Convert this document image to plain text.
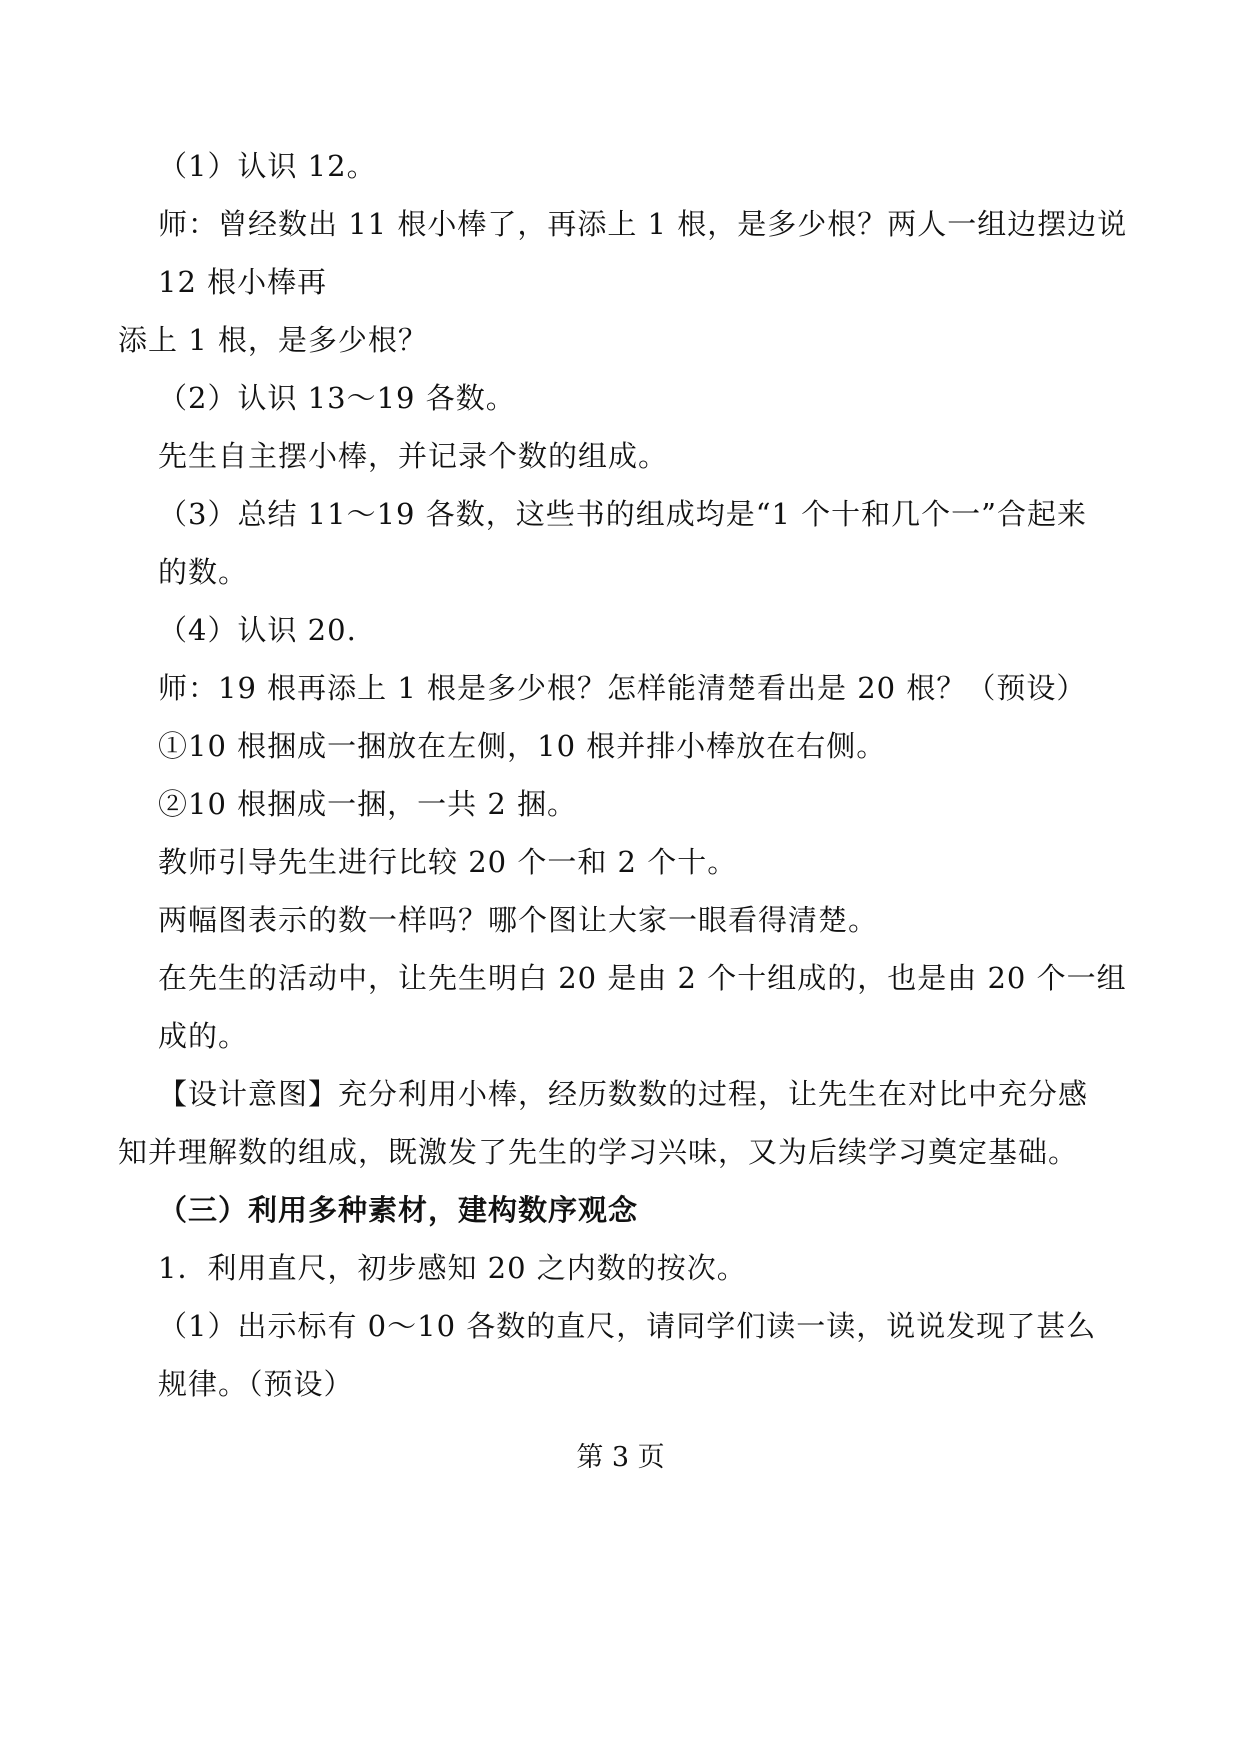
（1）认识 12。
师：曾经数出 11 根小棒了，再添上 1 根，是多少根？两人一组边摆边说
12 根小棒再
添上 1 根，是多少根？
（2）认识 13～19 各数。
先生自主摆小棒，并记录个数的组成。
（3）总结 11～19 各数，这些书的组成均是“1 个十和几个一”合起来
的数。
（4）认识 20.
师：19 根再添上 1 根是多少根？怎样能清楚看出是 20 根？（预设）
①10 根捆成一捆放在左侧，10 根并排小棒放在右侧。
②10 根捆成一捆，一共 2 捆。
教师引导先生进行比较 20 个一和 2 个十。
两幅图表示的数一样吗？哪个图让大家一眼看得清楚。
在先生的活动中，让先生明白 20 是由 2 个十组成的，也是由 20 个一组
成的。
【设计意图】充分利用小棒，经历数数的过程，让先生在对比中充分感
知并理解数的组成，既激发了先生的学习兴味，又为后续学习奠定基础。
（三）利用多种素材，建构数序观念
1．利用直尺，初步感知 20 之内数的按次。
（1）出示标有 0～10 各数的直尺，请同学们读一读，说说发现了甚么
规律。（预设）
第 3 页
